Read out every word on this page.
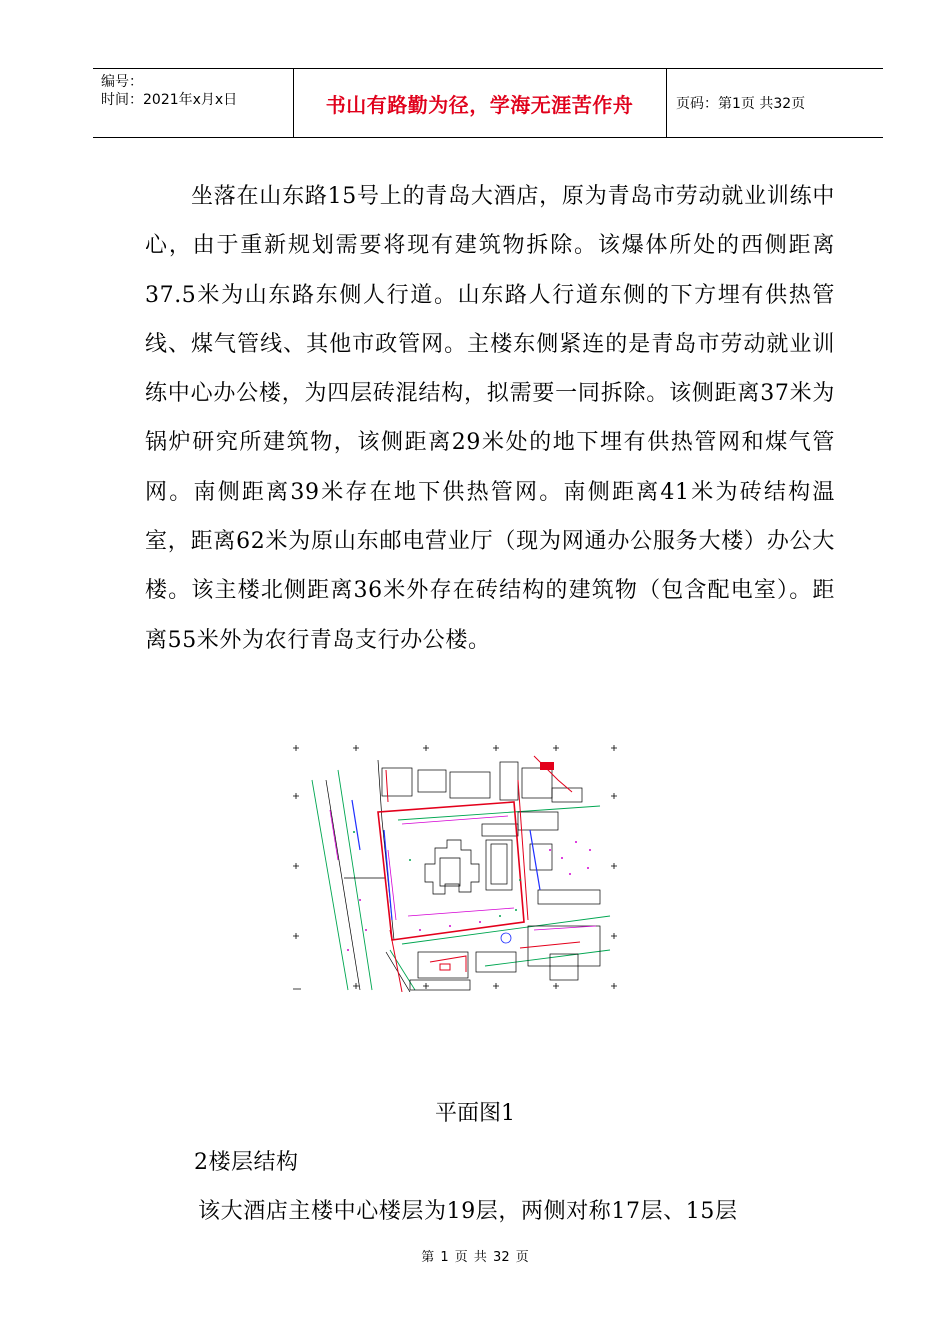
编号：
时间：2021年x月x日	书山有路勤为径，学海无涯苦作舟	页码：第1页 共32页

坐落在山东路15号上的青岛大酒店，原为青岛市劳动就业训练中心，由于重新规划需要将现有建筑物拆除。该爆体所处的西侧距离37.5米为山东路东侧人行道。山东路人行道东侧的下方埋有供热管线、煤气管线、其他市政管网。主楼东侧紧连的是青岛市劳动就业训练中心办公楼，为四层砖混结构，拟需要一同拆除。该侧距离37米为锅炉研究所建筑物，该侧距离29米处的地下埋有供热管网和煤气管网。南侧距离39米存在地下供热管网。南侧距离41米为砖结构温室，距离62米为原山东邮电营业厅（现为网通办公服务大楼）办公大楼。该主楼北侧距离36米外存在砖结构的建筑物（包含配电室）。距离55米外为农行青岛支行办公楼。

平面图1
2楼层结构
该大酒店主楼中心楼层为19层，两侧对称17层、15层
第 1 页 共 32 页
